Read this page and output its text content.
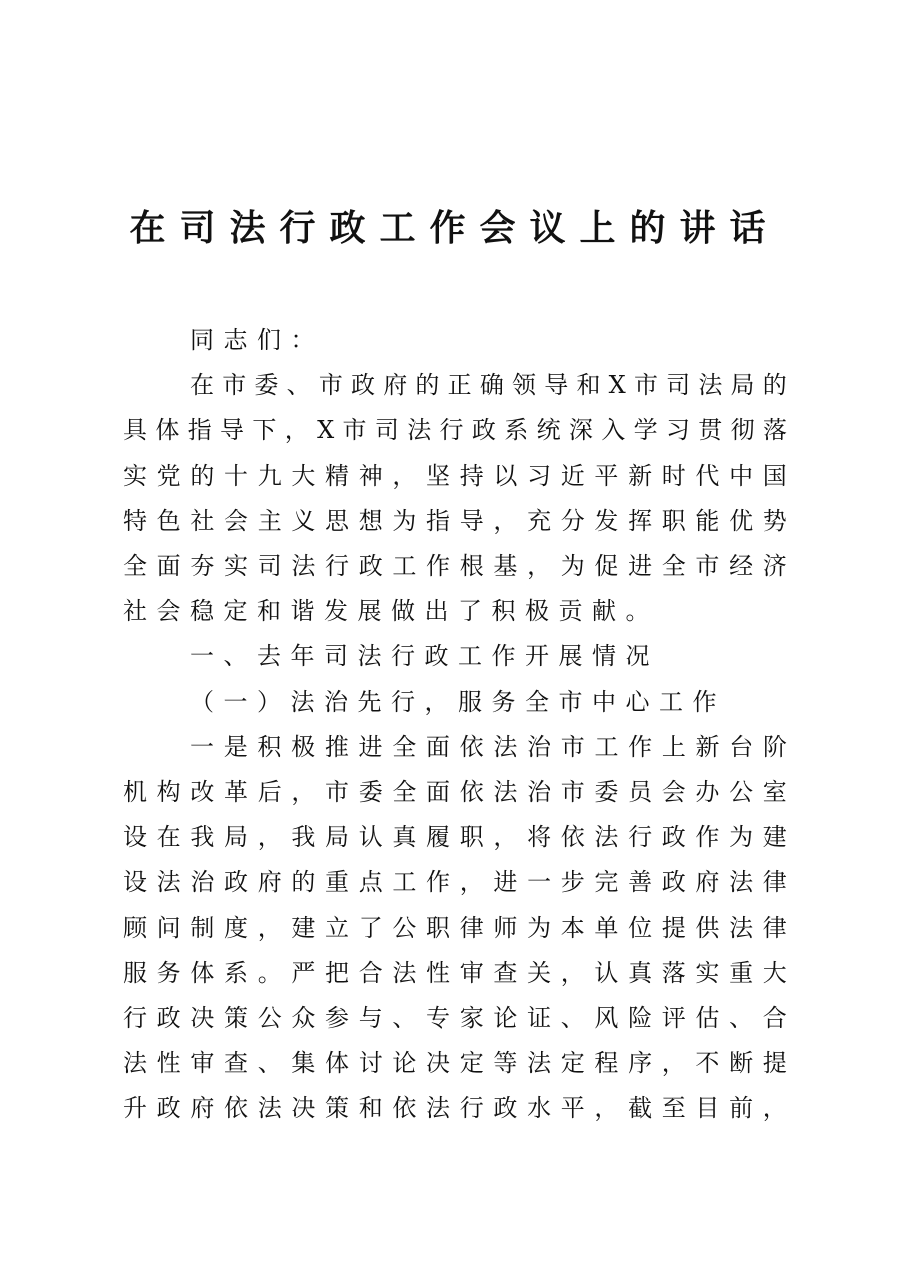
在司法行政工作会议上的讲话
同志们：
在 市 委 、 市 政 府 的 正 确 领 导 和 X 市 司 法 局 的
具 体 指 导 下 ， X 市 司 法 行 政 系 统 深 入 学 习 贯 彻 落
实 党 的 十 九 大 精 神 ， 坚 持 以 习 近 平 新 时 代 中 国
特 色 社 会 主 义 思 想 为 指 导 ， 充 分 发 挥 职 能 优 势
全 面 夯 实 司 法 行 政 工 作 根 基 ， 为 促 进 全 市 经 济
社会稳定和谐发展做出了积极贡献。
一、去年司法行政工作开展情况
（一）法治先行，服务全市中心工作
一 是 积 极 推 进 全 面 依 法 治 市 工 作 上 新 台 阶
机 构 改 革 后 ， 市 委 全 面 依 法 治 市 委 员 会 办 公 室
设 在 我 局 ， 我 局 认 真 履 职 ， 将 依 法 行 政 作 为 建
设 法 治 政 府 的 重 点 工 作 ， 进 一 步 完 善 政 府 法 律
顾 问 制 度 ， 建 立 了 公 职 律 师 为 本 单 位 提 供 法 律
服 务 体 系 。 严 把 合 法 性 审 查 关 ， 认 真 落 实 重 大
行 政 决 策 公 众 参 与 、 专 家 论 证 、 风 险 评 估 、 合
法 性 审 查 、 集 体 讨 论 决 定 等 法 定 程 序 ， 不 断 提
升 政 府 依 法 决 策 和 依 法 行 政 水 平 ， 截 至 目 前 ，
